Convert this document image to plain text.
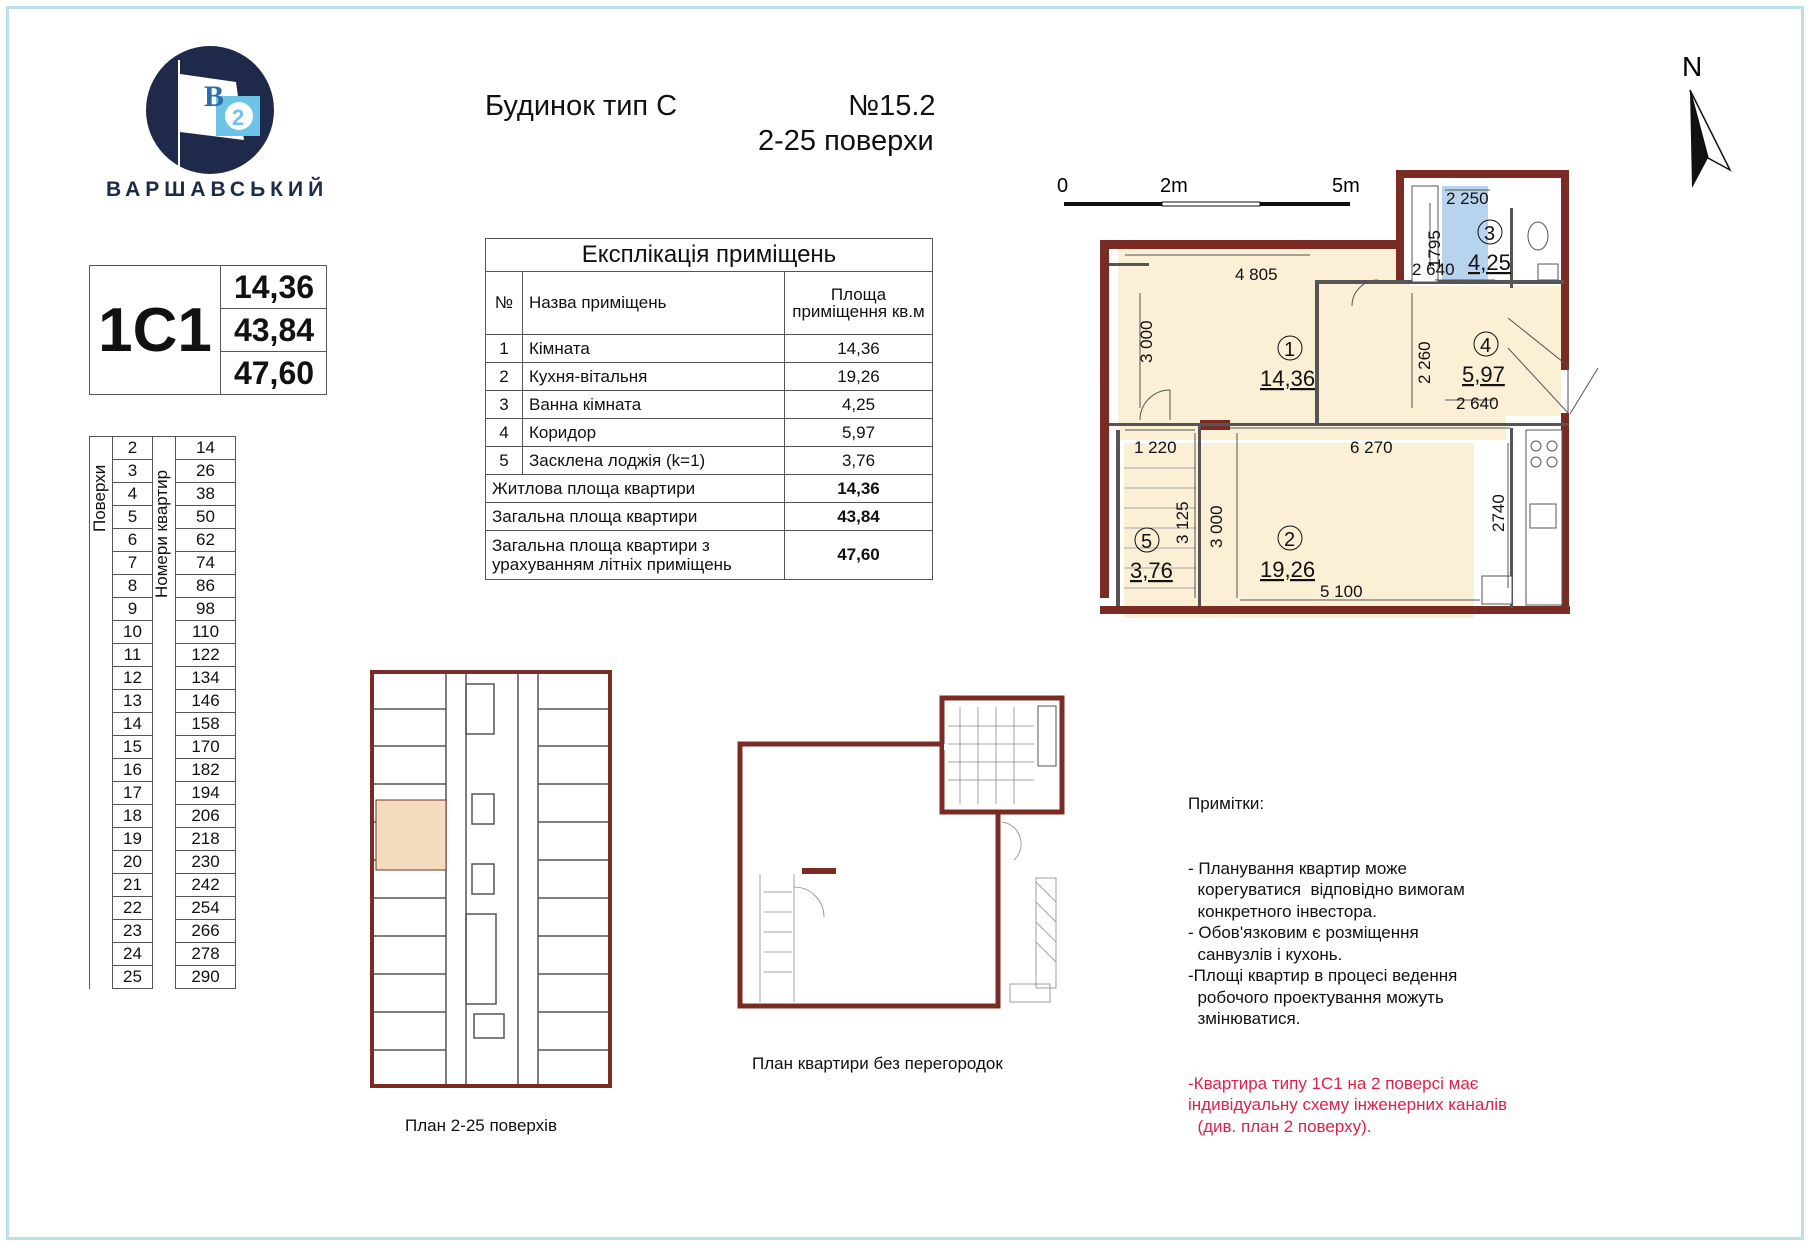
B
2
ВАРШАВСЬКИЙ
Будинок тип С	№15.2
2-25 поверхи
1С1
14,36
43,84
47,60
	2		14
	3		26
	4		38
	5		50
	6		62
	7		74
	8		86
	9		98
	10		110
	11		122
	12		134
	13		146
	14		158
	15		170
	16		182
	17		194
	18		206
	19		218
	20		230
	21		242
	22		254
	23		266
	24		278
	25		290
Поверхи	Номери квартир
Експлікація приміщень
№	Назва приміщень	Площа приміщення кв.м
1	Кімната	14,36
2	Кухня-вітальня	19,26
3	Ванна кімната	4,25
4	Коридор	5,97
5	Засклена лоджія (k=1)	3,76
Житлова площа квартири		14,36
Загальна площа квартири		43,84
Загальна площа квартири з урахуванням літніх приміщень		47,60
0	2m	5m
N
4 805
3 000
2 250
1795
2 640
2 260
2 640
1 220
3 125
6 270
3 000	2740
5 100
1
14,36
2
19,26
3
4,25
4
5,97
5
3,76
План 2-25 поверхів
План квартири без перегородок

Примітки:

- Планування квартир може
корегуватися  відповідно вимогам
конкретного інвестора.
- Обов'язковим є розміщення
санвузлів і кухонь.
-Площі квартир в процесі ведення
робочого проектування можуть
змінюватися.

-Квартира типу 1С1 на 2 поверсі має
індивідуальну схему інженерних каналів
(див. план 2 поверху).
